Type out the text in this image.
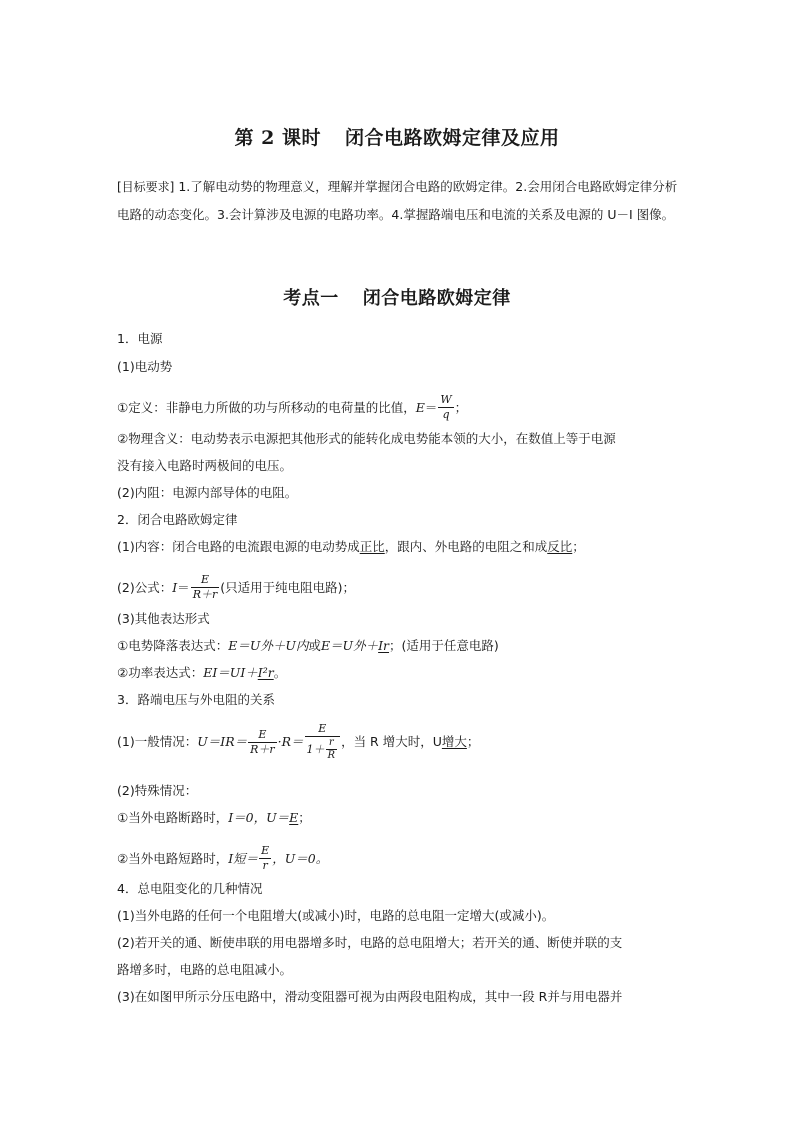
第 2 课时 闭合电路欧姆定律及应用
[目标要求] 1.了解电动势的物理意义，理解并掌握闭合电路的欧姆定律。2.会用闭合电路欧姆定律分析电路的动态变化。3.会计算涉及电源的电路功率。4.掌握路端电压和电流的关系及电源的 U－I 图像。
考点一 闭合电路欧姆定律
1．电源
(1)电动势
①定义：非静电力所做的功与所移动的电荷量的比值， $E = \frac{W}{q}$ ；
②物理含义：电动势表示电源把其他形式的能转化成电势能本领的大小，在数值上等于电源
没有接入电路时两极间的电压。
(2)内阻：电源内部导体的电阻。
2．闭合电路欧姆定律
(1)内容：闭合电路的电流跟电源的电动势成正比，跟内、外电路的电阻之和成反比；
(2)公式： $I = \frac{E}{R+r}$ (只适用于纯电阻电路)；
(3)其他表达形式
①电势降落表达式：E＝U外＋U内或E＝U外＋Ir；(适用于任意电路)
②功率表达式：EI＝UI＋I²r。
3．路端电压与外电阻的关系
(1)一般情况： $U=IR= \frac{E}{R+r} \cdot R= \frac{E}{1+ \frac{r}{R}}$ ，当 R 增大时，U 增大 ；
(2)特殊情况：
①当外电路断路时，I＝0，U＝E；
②当外电路短路时， I短＝ $\frac{E}{r}$ ，U＝0。
4．总电阻变化的几种情况
(1)当外电路的任何一个电阻增大(或减小)时，电路的总电阻一定增大(或减小)。
(2)若开关的通、断使串联的用电器增多时，电路的总电阻增大；若开关的通、断使并联的支
路增多时，电路的总电阻减小。
(3)在如图甲所示分压电路中，滑动变阻器可视为由两段电阻构成，其中一段 R并与用电器并
